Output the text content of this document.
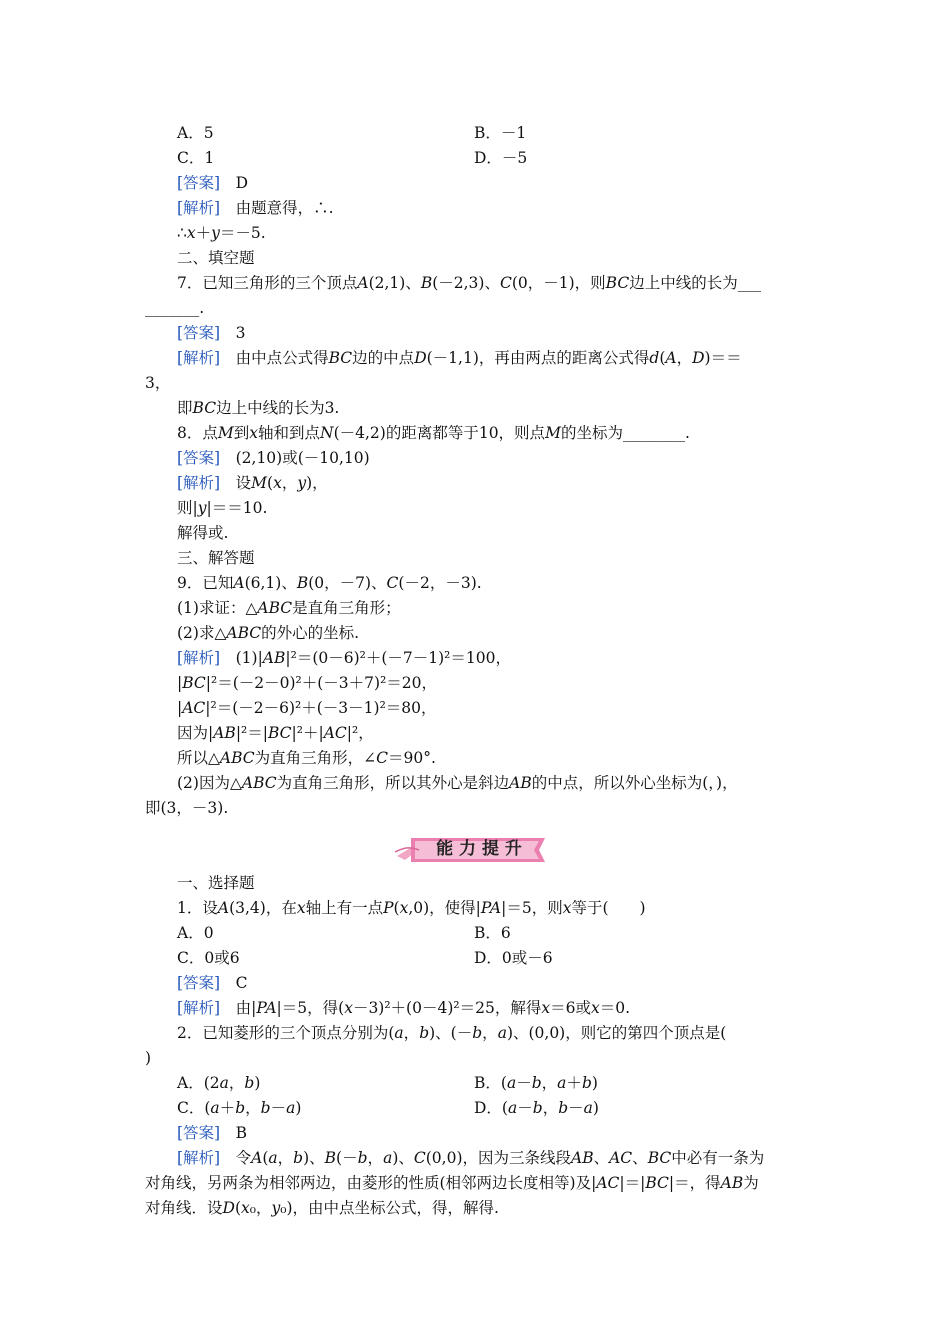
A．5	B．－1
C．1	D．－5
[答案]　D
[解析]　由题意得，∴.
∴x＋y＝－5.
二、填空题
7．已知三角形的三个顶点A(2,1)、B(－2,3)、C(0，－1)，则BC边上中线的长为___
_______.
[答案]　3
[解析]　由中点公式得BC边的中点D(－1,1)，再由两点的距离公式得d(A，D)＝＝
3，
即BC边上中线的长为3.
8．点M到x轴和到点N(－4,2)的距离都等于10，则点M的坐标为________.
[答案]　(2,10)或(－10,10)
[解析]　设M(x，y)，
则|y|＝＝10.
解得或.
三、解答题
9．已知A(6,1)、B(0，－7)、C(－2，－3).
(1)求证：△ABC是直角三角形；
(2)求△ABC的外心的坐标.
[解析]　(1)|AB|²＝(0－6)²＋(－7－1)²＝100，
|BC|²＝(－2－0)²＋(－3＋7)²＝20，
|AC|²＝(－2－6)²＋(－3－1)²＝80，
因为|AB|²＝|BC|²＋|AC|²，
所以△ABC为直角三角形，∠C＝90°.
(2)因为△ABC为直角三角形，所以其外心是斜边AB的中点，所以外心坐标为(，)，
即(3，－3).
一、选择题
1．设A(3,4)，在x轴上有一点P(x,0)，使得|PA|＝5，则x等于(　　)
A．0	B．6
C．0或6	D．0或－6
[答案]　C
[解析]　由|PA|＝5，得(x－3)²＋(0－4)²＝25，解得x＝6或x＝0.
2．已知菱形的三个顶点分别为(a，b)、(－b，a)、(0,0)，则它的第四个顶点是(
)
A．(2a，b)	B．(a－b，a＋b)
C．(a＋b，b－a)	D．(a－b，b－a)
[答案]　B
[解析]　令A(a，b)、B(－b，a)、C(0,0)，因为三条线段AB、AC、BC中必有一条为
对角线，另两条为相邻两边，由菱形的性质(相邻两边长度相等)及|AC|＝|BC|＝，得AB为
对角线．设D(x₀，y₀)，由中点坐标公式，得，解得.
能 力 提 升
